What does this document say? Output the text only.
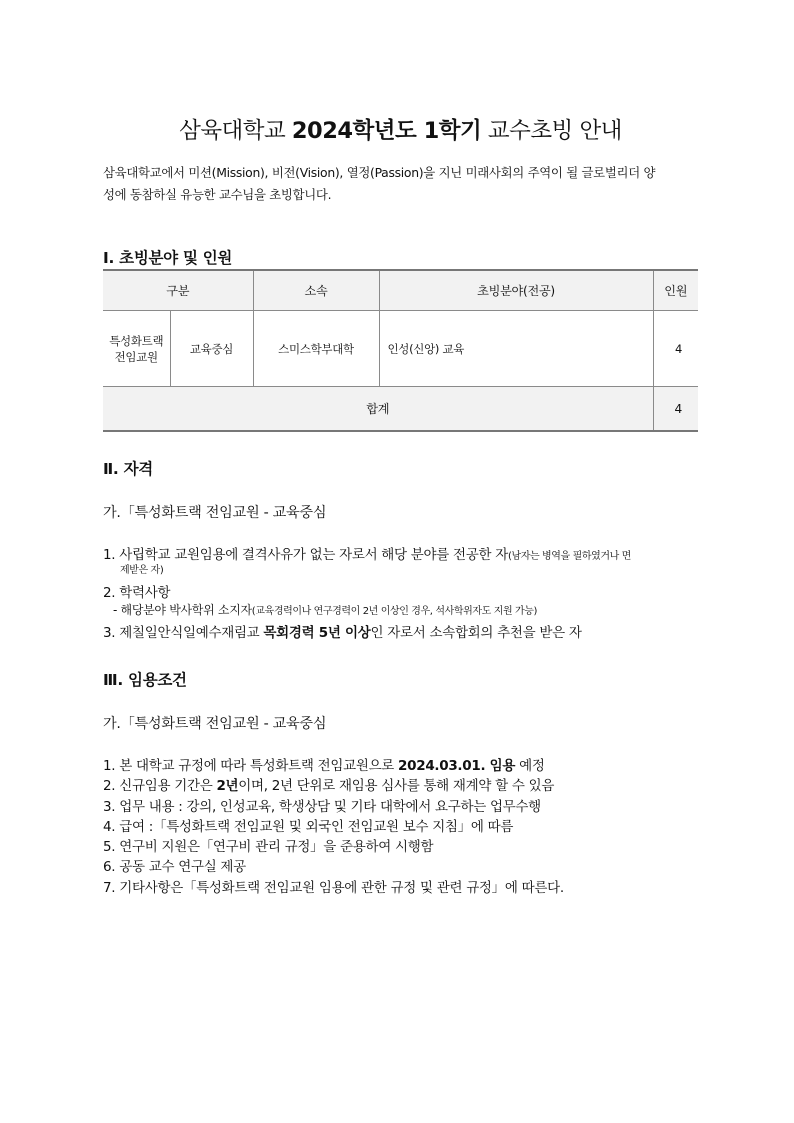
삼육대학교 2024학년도 1학기 교수초빙 안내
삼육대학교에서 미션(Mission), 비전(Vision), 열정(Passion)을 지닌 미래사회의 주역이 될 글로벌리더 양
성에 동참하실 유능한 교수님을 초빙합니다.
Ⅰ. 초빙분야 및 인원
구분		소속	초빙분야(전공)	인원

특성화트랙
전임교원	교육중심	스미스학부대학	인성(신앙) 교육	4
합계				4
Ⅱ. 자격
가.「특성화트랙 전임교원 - 교육중심
1. 사립학교 교원임용에 결격사유가 없는 자로서 해당 분야를 전공한 자(남자는 병역을 필하였거나 면
제받은 자)
2. 학력사항
- 해당분야 박사학위 소지자(교육경력이나 연구경력이 2년 이상인 경우, 석사학위자도 지원 가능)
3. 제칠일안식일예수재림교 목회경력 5년 이상인 자로서 소속합회의 추천을 받은 자
Ⅲ. 임용조건
가.「특성화트랙 전임교원 - 교육중심
1. 본 대학교 규정에 따라 특성화트랙 전임교원으로 2024.03.01. 임용 예정
2. 신규임용 기간은 2년이며, 2년 단위로 재임용 심사를 통해 재계약 할 수 있음
3. 업무 내용 : 강의, 인성교육, 학생상담 및 기타 대학에서 요구하는 업무수행
4. 급여 :「특성화트랙 전임교원 및 외국인 전임교원 보수 지침」에 따름
5. 연구비 지원은「연구비 관리 규정」을 준용하여 시행함
6. 공동 교수 연구실 제공
7. 기타사항은「특성화트랙 전임교원 임용에 관한 규정 및 관련 규정」에 따른다.
